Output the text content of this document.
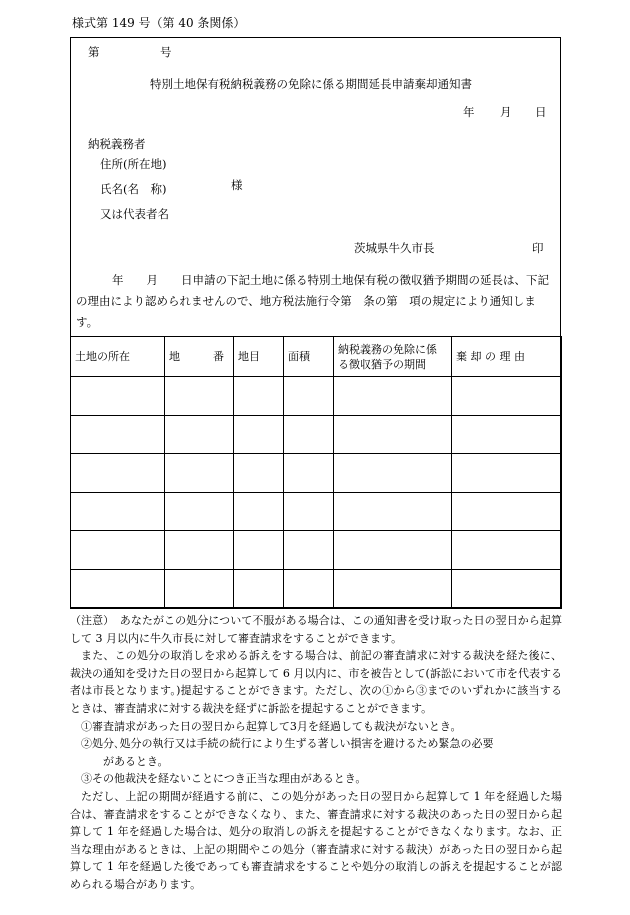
様式第 149 号（第 40 条関係）
第	号
特別土地保有税納税義務の免除に係る期間延長申請棄却通知書
年 月 日
納税義務者
住所(所在地)
氏名(名　称)	様
又は代表者名
茨城県牛久市長	印
年　　月　　日申請の下記土地に係る特別土地保有税の徴収猶予期間の延長は、下記の理由により認められませんので、地方税法施行令第　条の第　項の規定により通知します。
土地の所在	地　　　番	地目	面積	納税義務の免除に係る徴収猶予の期間	棄 却 の 理 由

（注意）　あなたがこの処分について不服がある場合は、この通知書を受け取った日の翌日から起算して 3 月以内に牛久市長に対して審査請求をすることができます。

また、この処分の取消しを求める訴えをする場合は、前記の審査請求に対する裁決を経た後に、裁決の通知を受けた日の翌日から起算して 6 月以内に、市を被告として(訴訟において市を代表する者は市長となります。)提起することができます。ただし、次の①から③までのいずれかに該当するときは、審査請求に対する裁決を経ずに訴訟を提起することができます。

①審査請求があった日の翌日から起算して3月を経過しても裁決がないとき。

②処分､処分の執行又は手続の続行により生ずる著しい損害を避けるため緊急の必要

があるとき。

③その他裁決を経ないことにつき正当な理由があるとき。

ただし、上記の期間が経過する前に、この処分があった日の翌日から起算して 1 年を経過した場合は、審査請求をすることができなくなり、また、審査請求に対する裁決のあった日の翌日から起算して 1 年を経過した場合は、処分の取消しの訴えを提起することができなくなります。なお、正当な理由があるときは、上記の期間やこの処分（審査請求に対する裁決）があった日の翌日から起算して 1 年を経過した後であっても審査請求をすることや処分の取消しの訴えを提起することが認められる場合があります。
